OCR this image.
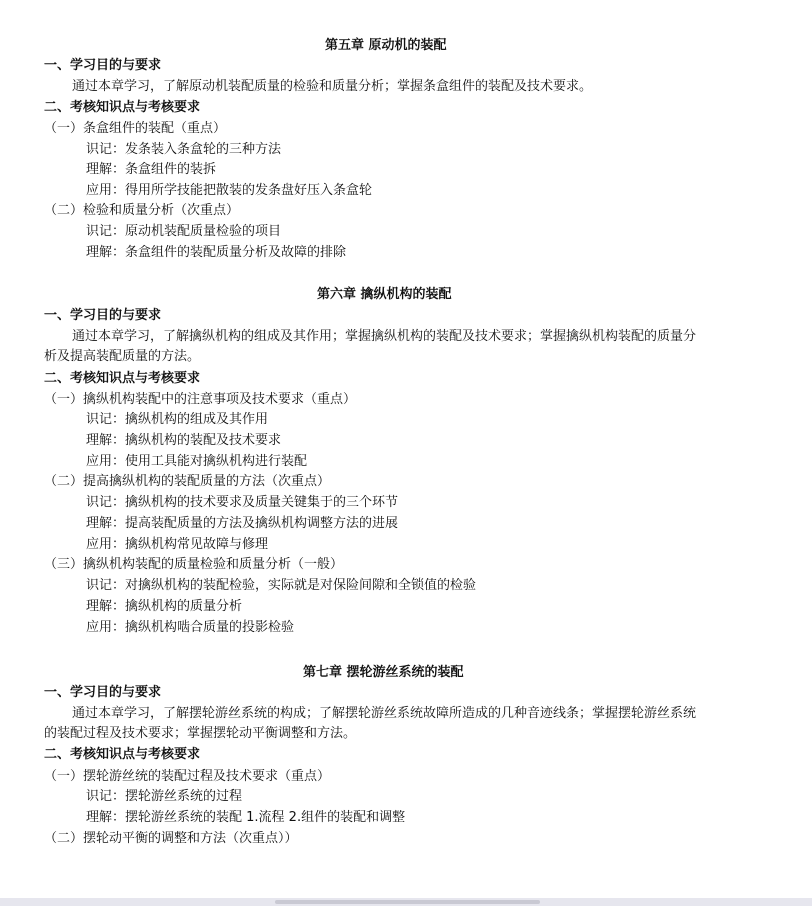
第五章 原动机的装配
一、学习目的与要求
通过本章学习，了解原动机装配质量的检验和质量分析；掌握条盒组件的装配及技术要求。
二、考核知识点与考核要求
（一）条盒组件的装配（重点）
识记：发条装入条盒轮的三种方法
理解：条盒组件的装拆
应用：得用所学技能把散装的发条盘好压入条盒轮
（二）检验和质量分析（次重点）
识记：原动机装配质量检验的项目
理解：条盒组件的装配质量分析及故障的排除
第六章 擒纵机构的装配
一、学习目的与要求
通过本章学习，了解擒纵机构的组成及其作用；掌握擒纵机构的装配及技术要求；掌握擒纵机构装配的质量分
析及提高装配质量的方法。
二、考核知识点与考核要求
（一）擒纵机构装配中的注意事项及技术要求（重点）
识记：擒纵机构的组成及其作用
理解：擒纵机构的装配及技术要求
应用：使用工具能对擒纵机构进行装配
（二）提高擒纵机构的装配质量的方法（次重点）
识记：擒纵机构的技术要求及质量关键集于的三个环节
理解：提高装配质量的方法及擒纵机构调整方法的进展
应用：擒纵机构常见故障与修理
（三）擒纵机构装配的质量检验和质量分析（一般）
识记：对擒纵机构的装配检验，实际就是对保险间隙和全锁值的检验
理解：擒纵机构的质量分析
应用：擒纵机构啮合质量的投影检验
第七章 摆轮游丝系统的装配
一、学习目的与要求
通过本章学习，了解摆轮游丝系统的构成；了解摆轮游丝系统故障所造成的几种音迹线条；掌握摆轮游丝系统
的装配过程及技术要求；掌握摆轮动平衡调整和方法。
二、考核知识点与考核要求
（一）摆轮游丝统的装配过程及技术要求（重点）
识记：摆轮游丝系统的过程
理解：摆轮游丝系统的装配 1.流程 2.组件的装配和调整
（二）摆轮动平衡的调整和方法（次重点））
